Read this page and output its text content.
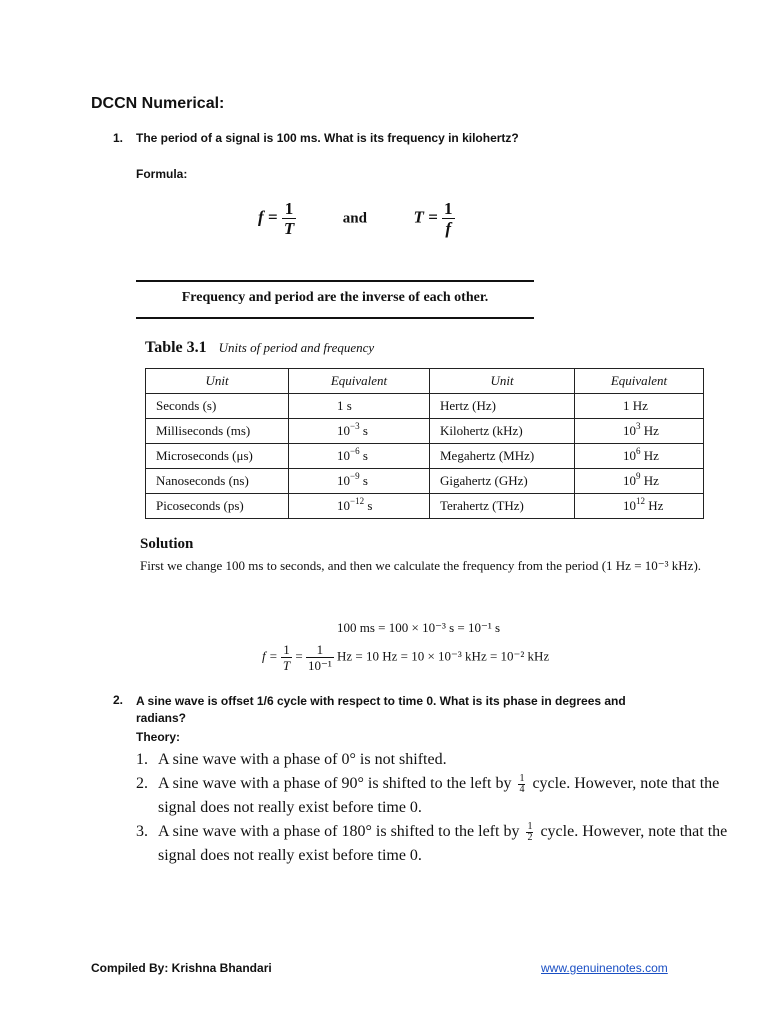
DCCN Numerical:
1. The period of a signal is 100 ms. What is its frequency in kilohertz?
Formula:
$f = \frac{1}{T}$	and	$T = \frac{1}{f}$
Frequency and period are the inverse of each other.
Table 3.1 Units of period and frequency
Unit	Equivalent	Unit	Equivalent
Seconds (s)	1 s	Hertz (Hz)	1 Hz
Milliseconds (ms)	$10^{-3}$ s	Kilohertz (kHz)	$10^3$ Hz
Microseconds (μs)	$10^{-6}$ s	Megahertz (MHz)	$10^6$ Hz
Nanoseconds (ns)	$10^{-9}$ s	Gigahertz (GHz)	$10^9$ Hz
Picoseconds (ps)	$10^{-12}$ s	Terahertz (THz)	$10^{12}$ Hz
Solution
First we change 100 ms to seconds, and then we calculate the frequency from the period (1 Hz = 10⁻³ kHz).
100 ms = 100 × 10⁻³ s = 10⁻¹ s
$f = \frac{1}{T} = \frac{1}{\text{10⁻¹}}$ Hz = 10 Hz = 10 × 10⁻³ kHz = 10⁻² kHz
2. A sine wave is offset 1/6 cycle with respect to time 0. What is its phase in degrees and radians?
Theory:
1. A sine wave with a phase of 0° is not shifted.
2. A sine wave with a phase of 90° is shifted to the left by $\frac{1}{4}$ cycle. However, note that the signal does not really exist before time 0.
3. A sine wave with a phase of 180° is shifted to the left by $\frac{1}{2}$ cycle. However, note that the signal does not really exist before time 0.
Compiled By: Krishna Bhandari	www.genuinenotes.com
